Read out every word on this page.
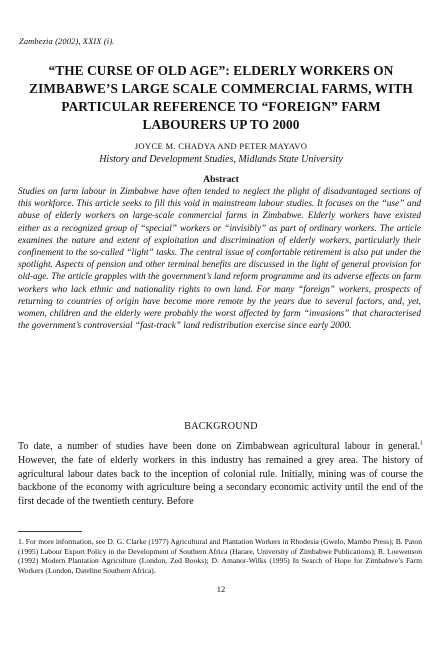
Zambezia (2002), XXIX (i).
“THE CURSE OF OLD AGE”: ELDERLY WORKERS ON ZIMBABWE’S LARGE SCALE COMMERCIAL FARMS, WITH PARTICULAR REFERENCE TO “FOREIGN” FARM LABOURERS UP TO 2000
JOYCE M. CHADYA AND PETER MAYAVO
History and Development Studies, Midlands State University
Abstract

Studies on farm labour in Zimbabwe have often tended to neglect the plight of disadvantaged sections of this workforce. This article seeks to fill this void in mainstream labour studies. It focuses on the “use” and abuse of elderly workers on large-scale commercial farms in Zimbabwe. Elderly workers have existed either as a recognized group of “special” workers or “invisibly” as part of ordinary workers. The article examines the nature and extent of exploitation and discrimination of elderly workers, particularly their confinement to the so-called “light” tasks. The central issue of comfortable retirement is also put under the spotlight. Aspects of pension and other terminal benefits are discussed in the light of general provision for old-age. The article grapples with the government’s land reform programme and its adverse effects on farm workers who lack ethnic and nationality rights to own land. For many “foreign” workers, prospects of returning to countries of origin have become more remote by the years due to several factors, and, yet, women, children and the elderly were probably the worst affected by farm “invasions” that characterised the government’s controversial “fast-track” land redistribution exercise since early 2000.

BACKGROUND

To date, a number of studies have been done on Zimbabwean agricultural labour in general.$^1$ However, the fate of elderly workers in this industry has remained a grey area. The history of agricultural labour dates back to the inception of colonial rule. Initially, mining was of course the backbone of the economy with agriculture being a secondary economic activity until the end of the first decade of the twentieth century. Before

1. For more information, see D. G. Clarke (1977) Agricultural and Plantation Workers in Rhodesia (Gwelo, Mambo Press); B. Paton (1995) Labour Export Policy in the Development of Southern Africa (Harare, University of Zimbabwe Publications); R. Loewenson (1992) Modern Plantation Agriculture (London, Zed Books); D. Amanor-Wilks (1995) In Search of Hope for Zimbabwe’s Farm Workers (London, Dateline Southern Africa).

12
